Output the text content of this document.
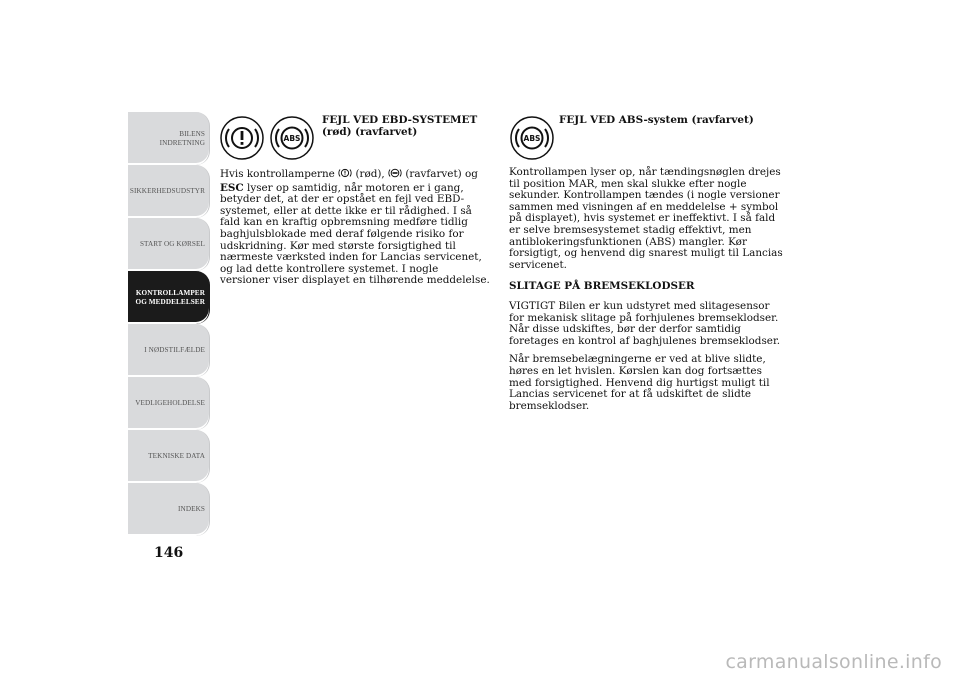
BILENS
INDRETNING
SIKKERHEDSUDSTYR
START OG KØRSEL
KONTROLLAMPER
OG MEDDELELSER
I NØDSTILFÆLDE
VEDLIGEHOLDELSE
TEKNISKE DATA
INDEKS
146
ABS
FEJL VED EBD-SYSTEMET
(rød) (ravfarvet)

Hvis kontrollamperne  (rød),  (ravfarvet) og ESC lyser op samtidig, når motoren er i gang, betyder det, at der er opstået en fejl ved EBD-systemet, eller at dette ikke er til rådighed. I så fald kan en kraftig opbremsning medføre tidlig baghjulsblokade med deraf følgende risiko for udskridning. Kør med største forsigtighed til nærmeste værksted inden for Lancias servicenet, og lad dette kontrollere systemet. I nogle versioner viser displayet en tilhørende meddelelse.

ABS
FEJL VED ABS-system (ravfarvet)

Kontrollampen lyser op, når tændingsnøglen drejes til position MAR, men skal slukke efter nogle sekunder. Kontrollampen tændes (i nogle versioner sammen med visningen af en meddelelse + symbol på displayet), hvis systemet er ineffektivt. I så fald er selve bremsesystemet stadig effektivt, men antiblokeringsfunktionen (ABS) mangler. Kør forsigtigt, og henvend dig snarest muligt til Lancias servicenet.

SLITAGE PÅ BREMSEKLODSER

VIGTIGT Bilen er kun udstyret med slitagesensor for mekanisk slitage på forhjulenes bremseklodser. Når disse udskiftes, bør der derfor samtidig foretages en kontrol af baghjulenes bremseklodser.

Når bremsebelægningerne er ved at blive slidte, høres en let hvislen. Kørslen kan dog fortsættes med forsigtighed. Henvend dig hurtigst muligt til Lancias servicenet for at få udskiftet de slidte bremseklodser.

carmanualsonline.info
